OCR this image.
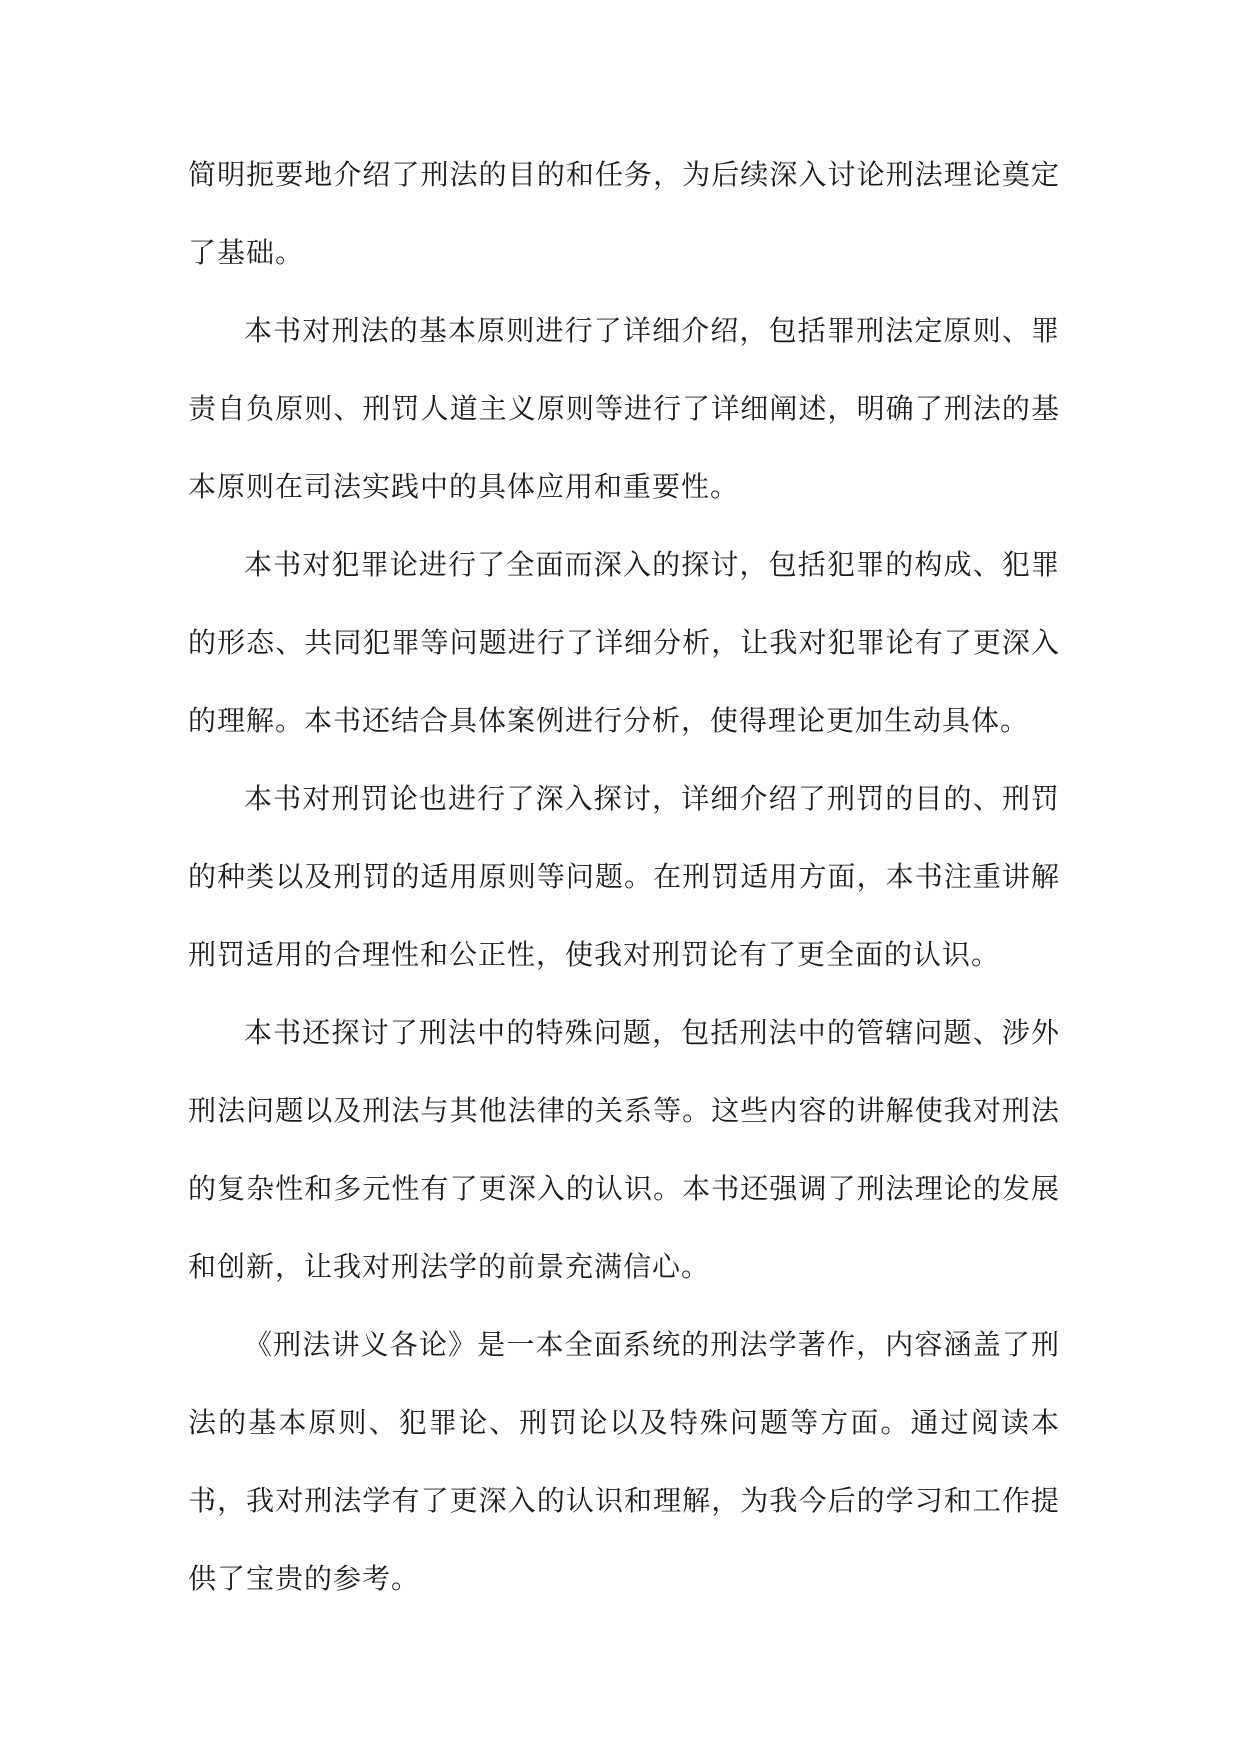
简明扼要地介绍了刑法的目的和任务，为后续深入讨论刑法理论奠定了基础。

本书对刑法的基本原则进行了详细介绍，包括罪刑法定原则、罪责自负原则、刑罚人道主义原则等进行了详细阐述，明确了刑法的基本原则在司法实践中的具体应用和重要性。

本书对犯罪论进行了全面而深入的探讨，包括犯罪的构成、犯罪的形态、共同犯罪等问题进行了详细分析，让我对犯罪论有了更深入的理解。本书还结合具体案例进行分析，使得理论更加生动具体。

本书对刑罚论也进行了深入探讨，详细介绍了刑罚的目的、刑罚的种类以及刑罚的适用原则等问题。在刑罚适用方面，本书注重讲解刑罚适用的合理性和公正性，使我对刑罚论有了更全面的认识。

本书还探讨了刑法中的特殊问题，包括刑法中的管辖问题、涉外刑法问题以及刑法与其他法律的关系等。这些内容的讲解使我对刑法的复杂性和多元性有了更深入的认识。本书还强调了刑法理论的发展和创新，让我对刑法学的前景充满信心。

《刑法讲义各论》是一本全面系统的刑法学著作，内容涵盖了刑法的基本原则、犯罪论、刑罚论以及特殊问题等方面。通过阅读本书，我对刑法学有了更深入的认识和理解，为我今后的学习和工作提供了宝贵的参考。
